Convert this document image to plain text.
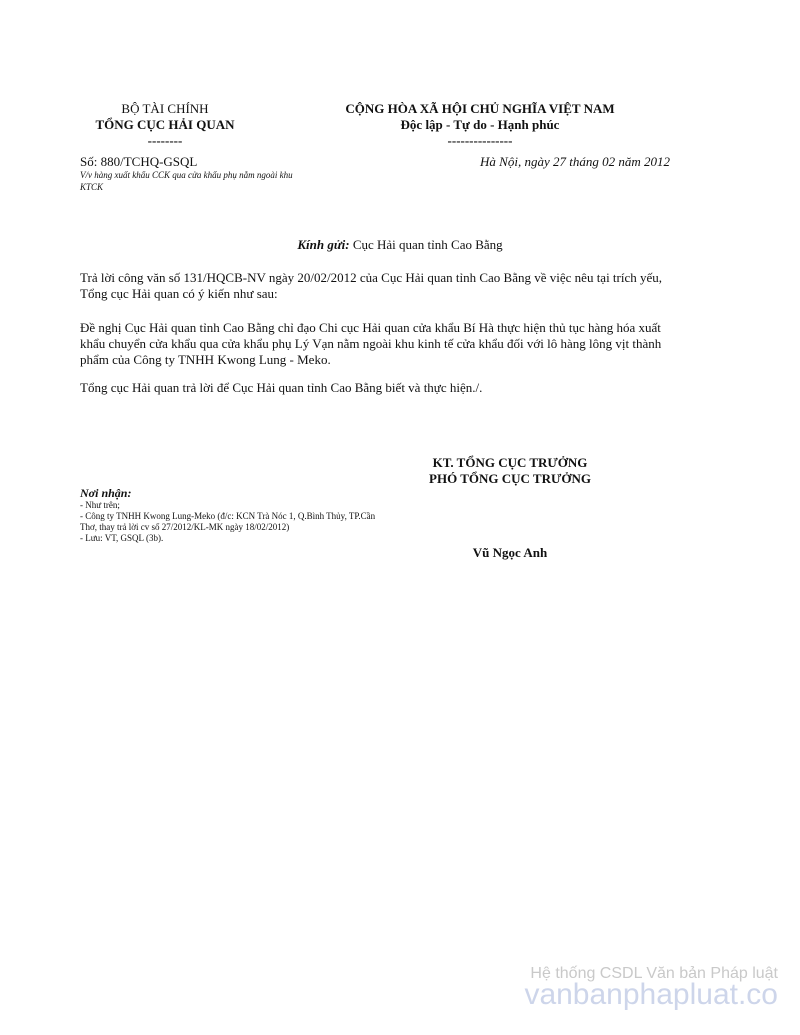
BỘ TÀI CHÍNH
TỔNG CỤC HẢI QUAN
--------
CỘNG HÒA XÃ HỘI CHỦ NGHĨA VIỆT NAM
Độc lập - Tự do - Hạnh phúc
---------------
Số: 880/TCHQ-GSQL	Hà Nội, ngày 27 tháng 02 năm 2012
V/v hàng xuất khẩu CCK qua cửa khẩu phụ nằm ngoài khu KTCK
Kính gửi: Cục Hải quan tỉnh Cao Bằng
Trả lời công văn số 131/HQCB-NV ngày 20/02/2012 của Cục Hải quan tỉnh Cao Bằng về việc nêu tại trích yếu, Tổng cục Hải quan có ý kiến như sau:
Đề nghị Cục Hải quan tỉnh Cao Bằng chỉ đạo Chi cục Hải quan cửa khẩu Bí Hà thực hiện thủ tục hàng hóa xuất khẩu chuyển cửa khẩu qua cửa khẩu phụ Lý Vạn nằm ngoài khu kinh tế cửa khẩu đối với lô hàng lông vịt thành phẩm của Công ty TNHH Kwong Lung - Meko.
Tổng cục Hải quan trả lời để Cục Hải quan tỉnh Cao Bằng biết và thực hiện./.
KT. TỔNG CỤC TRƯỞNG
PHÓ TỔNG CỤC TRƯỞNG
Nơi nhận:
- Như trên;
- Công ty TNHH Kwong Lung-Meko (đ/c: KCN Trà Nóc 1, Q.Bình Thủy, TP.Cần Thơ, thay trả lời cv số 27/2012/KL-MK ngày 18/02/2012)
- Lưu: VT, GSQL (3b).
Vũ Ngọc Anh
Hệ thống CSDL Văn bản Pháp luật
vanbanphapluat.co
